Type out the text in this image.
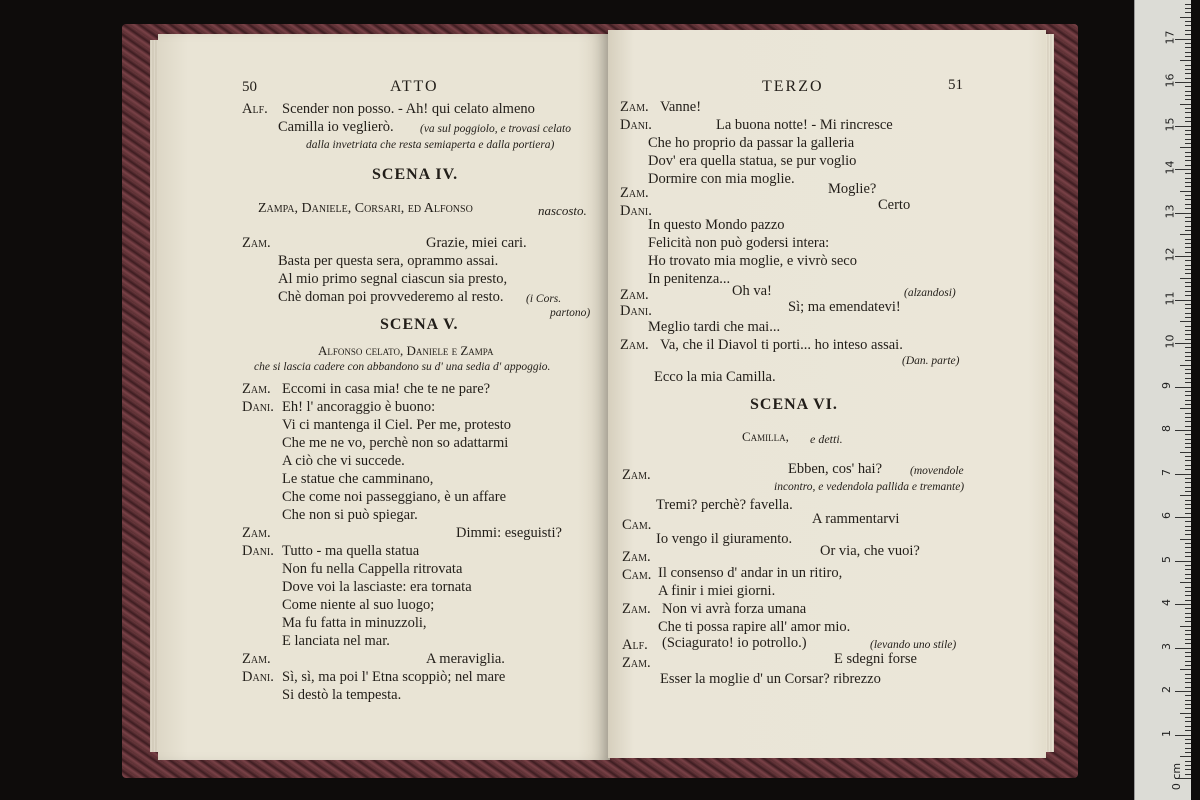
50	ATTO
Alf. Scender non posso. - Ah! qui celato almeno
Camilla io veglierò. (va sul poggiolo, e trovasi celato
dalla invetriata che resta semiaperta e dalla portiera)
SCENA IV.
Zampa, Daniele, Corsari, ed Alfonso	nascosto.
Zam.	Grazie, miei cari.
Basta per questa sera, oprammo assai.
Al mio primo segnal ciascun sia presto,
Chè doman poi provvederemo al resto. (i Cors.
partono)
SCENA V.
Alfonso celato, Daniele e Zampa
che si lascia cadere con abbandono su d' una sedia d' appoggio.
Zam. Eccomi in casa mia! che te ne pare?
Dani. Eh! l' ancoraggio è buono:
Vi ci mantenga il Ciel. Per me, protesto
Che me ne vo, perchè non so adattarmi
A ciò che vi succede.
Le statue che camminano,
Che come noi passeggiano, è un affare
Che non si può spiegar.
Zam.	Dimmi: eseguisti?
Dani. Tutto - ma quella statua
Non fu nella Cappella ritrovata
Dove voi la lasciaste: era tornata
Come niente al suo luogo;
Ma fu fatta in minuzzoli,
E lanciata nel mar.
Zam.	A meraviglia.
Dani. Sì, sì, ma poi l' Etna scoppiò; nel mare
Si destò la tempesta.
TERZO	51
Zam. Vanne!
Dani.	La buona notte! - Mi rincresce
Che ho proprio da passar la galleria
Dov' era quella statua, se pur voglio
Dormire con mia moglie.
Zam.	Moglie?
Dani.	Certo
In questo Mondo pazzo
Felicità non può godersi intera:
Ho trovato mia moglie, e vivrò seco
In penitenza...
Zam.	Oh va!	(alzandosi)
Dani.	Sì; ma emendatevi!
Meglio tardi che mai...
Zam. Va, che il Diavol ti porti... ho inteso assai.
(Dan. parte)
Ecco la mia Camilla.
SCENA VI.
Camilla, e detti.
Zam.	Ebben, cos' hai? (movendole
incontro, e vedendola pallida e tremante)
Tremi? perchè? favella.
Cam.	A rammentarvi
Io vengo il giuramento.
Zam.	Or via, che vuoi?
Cam. Il consenso d' andar in un ritiro,
A finir i miei giorni.
Zam. Non vi avrà forza umana
Che ti possa rapire all' amor mio.
Alf. (Sciagurato! io potrollo.)	(levando uno stile)
Zam.	E sdegni forse
Esser la moglie d' un Corsar? ribrezzo
0 cm
1
2
3
4
5
6
7
8
9
10
11
12
13
14
15
16
17
